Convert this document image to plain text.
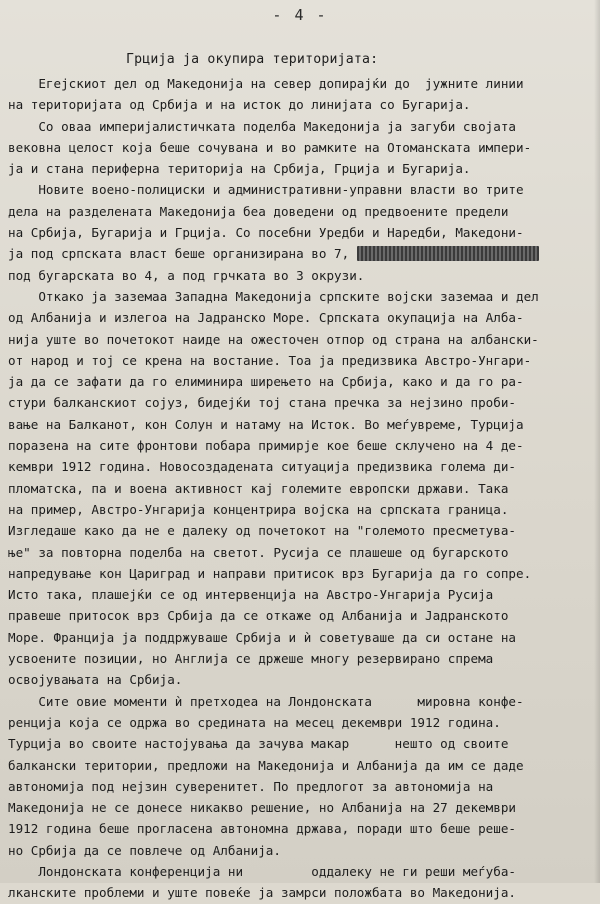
- 4 -
Грција ја окупира територијата:
Егејскиот дел од Македонија на север допирајќи до  јужните линии
на територијата од Србија и на исток до линијата со Бугарија.
Со оваа империјалистичката поделба Македонија ја загуби својата
вековна целост која беше сочувана и во рамките на Отоманската импери-
ја и стана периферна територија на Србија, Грција и Бугарија.
Новите воено-полициски и административни-управни власти во трите
дела на разделената Македонија беа доведени од предвоените предели
на Србија, Бугарија и Грција. Со посебни Уредби и Наредби, Македони-
ја под српската власт беше организирана во 7,
под бугарската во 4, а под грчката во 3 окрузи.
Откако ја заземаа Западна Македонија српските војски заземаа и дел
од Албанија и излегоа на Јадранско Море. Српската окупација на Алба-
нија уште во почетокот наиде на ожесточен отпор од страна на албански-
от народ и тој се крена на востание. Тоа ја предизвика Австро-Унгари-
ја да се зафати да го елиминира ширењето на Србија, како и да го ра-
стури балканскиот сојуз, бидејќи тој стана пречка за нејзино проби-
вање на Балканот, кон Солун и натаму на Исток. Во меѓувреме, Турција
поразена на сите фронтови побара примирје кое беше склучено на 4 де-
кември 1912 година. Новосоздадената ситуација предизвика голема ди-
пломатска, па и воена активност кај големите европски држави. Така
на пример, Австро-Унгарија концентрира војска на српската граница.
Изгледаше како да не е далеку од почетокот на "големото пресметува-
ње" за повторна поделба на светот. Русија се плашеше од бугарското
напредување кон Цариград и направи притисок врз Бугарија да го сопре.
Исто така, плашејќи се од интервенција на Австро-Унгарија Русија
правеше притосок врз Србија да се откаже од Албанија и Јадранското
Море. Франција ја поддржуваше Србија и ѝ советуваше да си остане на
усвоените позиции, но Англија се држеше многу резервирано спрема
освојувањата на Србија.
Сите овие моменти ѝ претходеа на Лондонската      мировна конфе-
ренција која се одржа во средината на месец декември 1912 година.
Турција во своите настојувања да зачува макар      нешто од своите
балкански територии, предложи на Македонија и Албанија да им се даде
автономија под нејзин суверенитет. По предлогот за автономија на
Македонија не се донесе никакво решение, но Албанија на 27 декември
1912 година беше прогласена автономна држава, поради што беше реше-
но Србија да се повлече од Албанија.
Лондонската конференција ни         оддалеку не ги реши меѓуба-
лканските проблеми и уште повеќе ја замрси положбата во Македонија.
